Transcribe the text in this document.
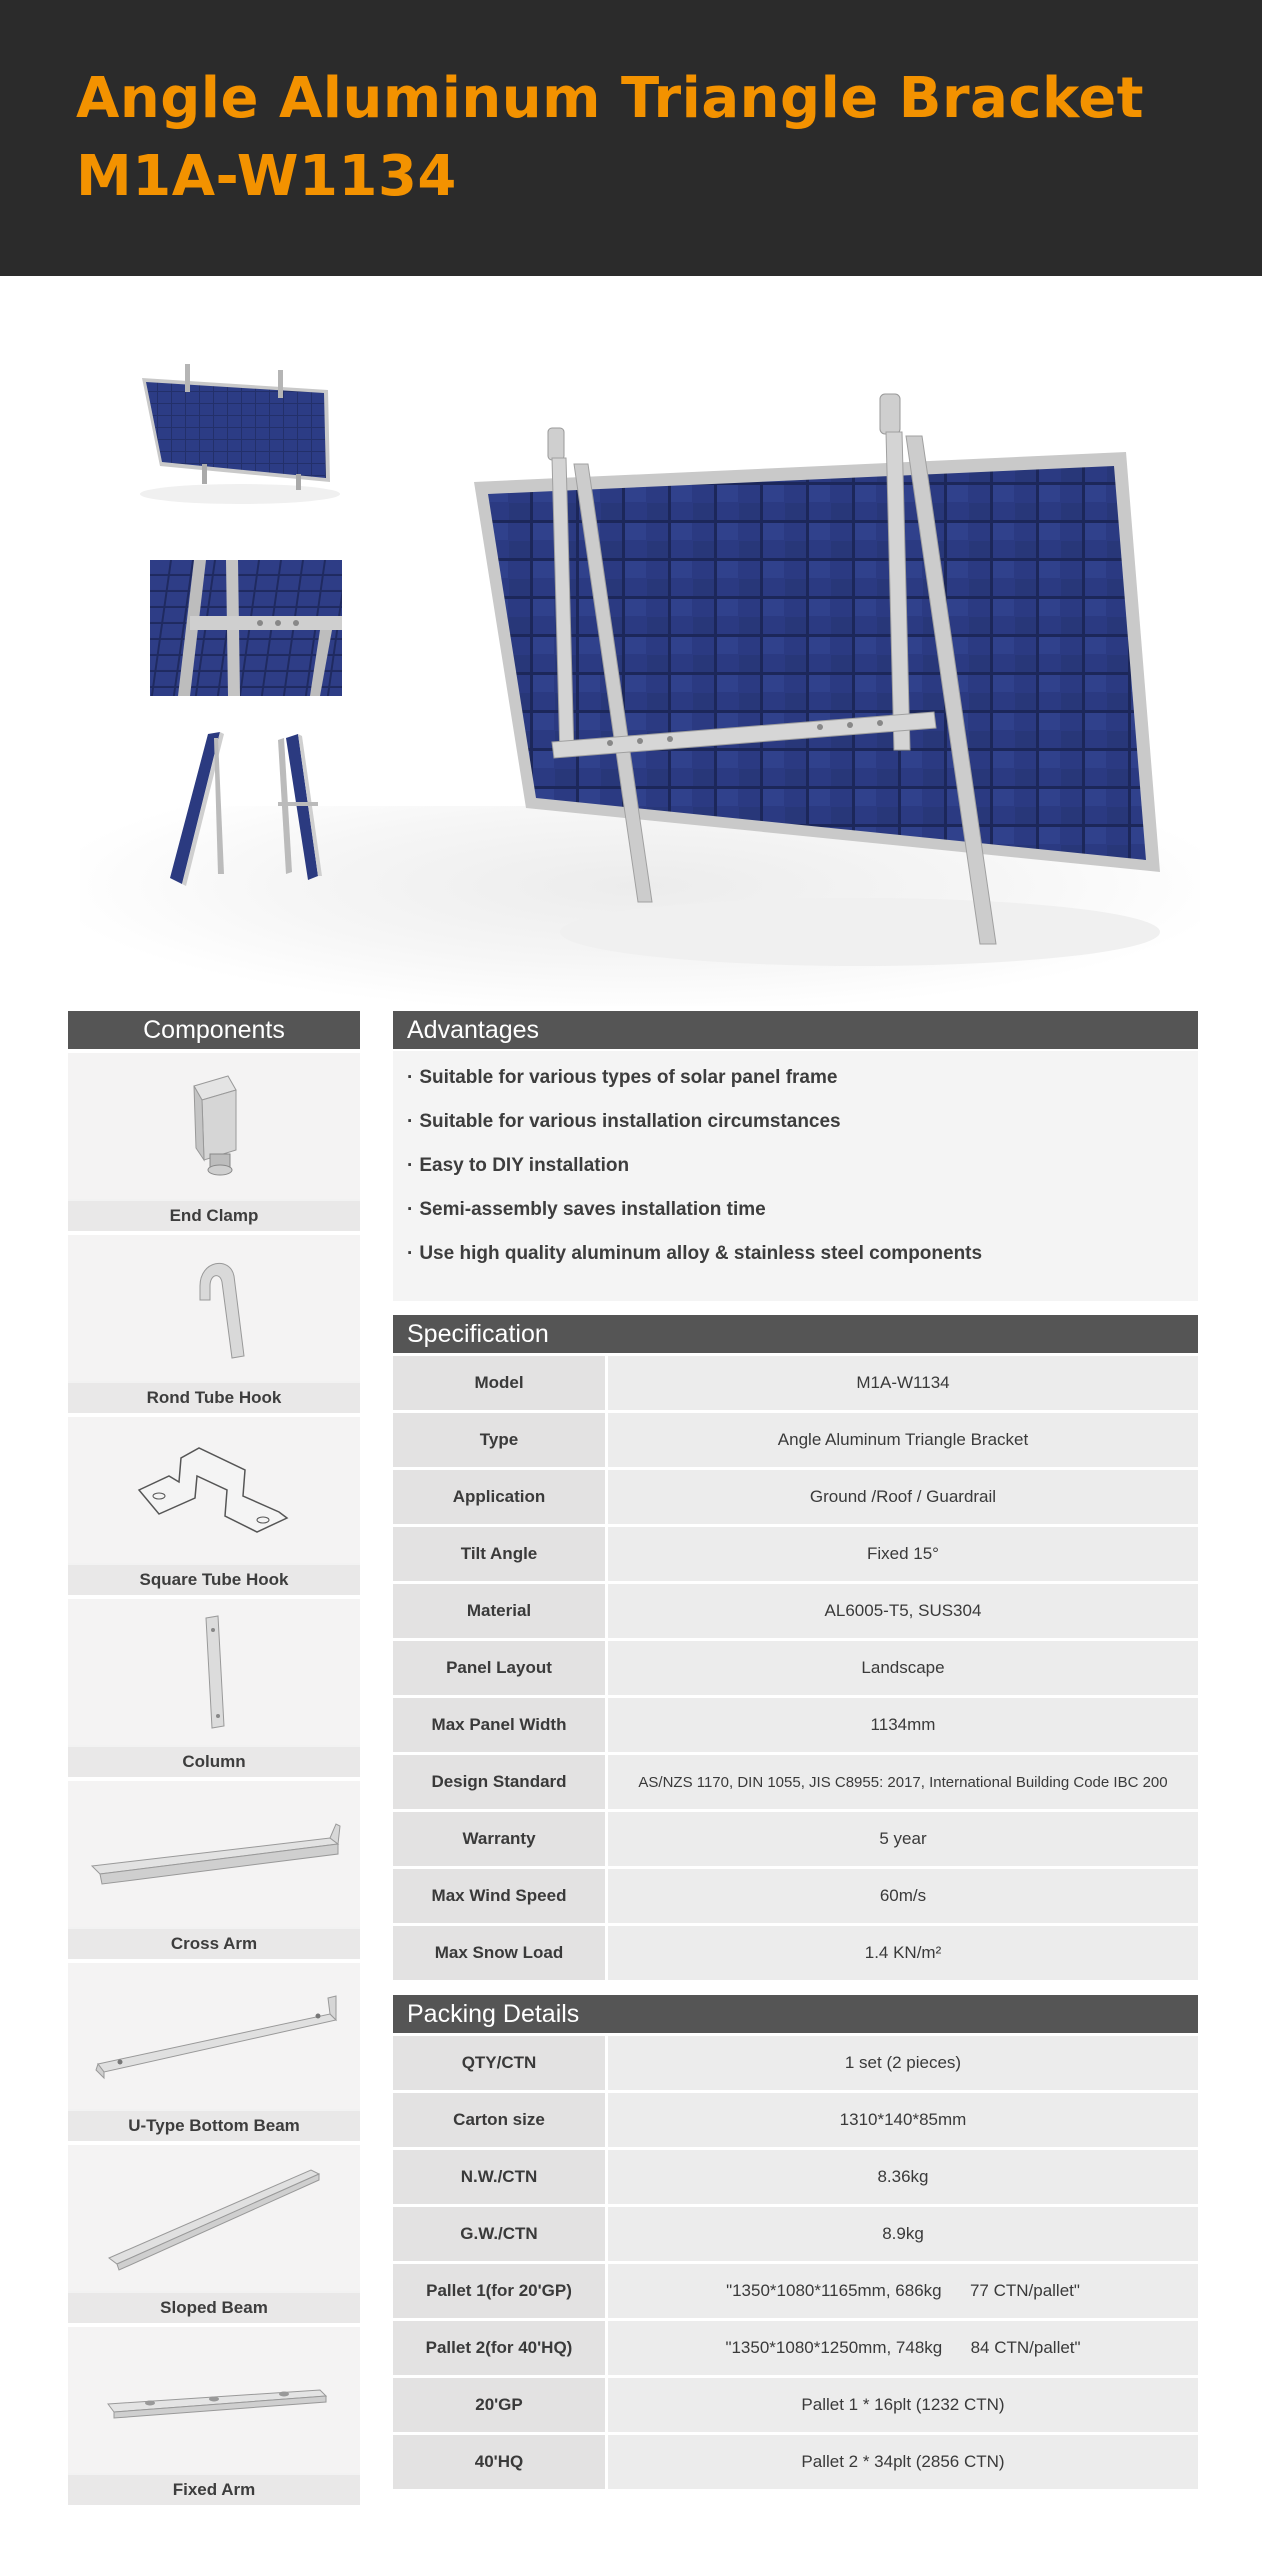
Angle Aluminum Triangle Bracket
M1A-W1134
Components
End Clamp
Rond Tube Hook
Square Tube Hook
Column
Cross Arm
U-Type Bottom Beam
Sloped Beam
Fixed Arm
Advantages
· Suitable for various types of solar panel frame
· Suitable for various installation circumstances
· Easy to DIY installation
· Semi-assembly saves installation time
· Use high quality aluminum alloy & stainless steel components
Specification
Model	M1A-W1134
Type	Angle Aluminum Triangle Bracket
Application	Ground /Roof / Guardrail
Tilt Angle	Fixed 15°
Material	AL6005-T5, SUS304
Panel Layout	Landscape
Max Panel Width	1134mm
Design Standard	AS/NZS 1170, DIN 1055, JIS C8955: 2017, International Building Code IBC 200
Warranty	5 year
Max Wind Speed	60m/s
Max Snow Load	1.4 KN/m²
Packing Details
QTY/CTN	1 set (2 pieces)
Carton size	1310*140*85mm
N.W./CTN	8.36kg
G.W./CTN	8.9kg
Pallet 1(for 20'GP)	"1350*1080*1165mm, 686kg      77 CTN/pallet"
Pallet 2(for 40'HQ)	"1350*1080*1250mm, 748kg      84 CTN/pallet"
20'GP	Pallet 1 * 16plt (1232 CTN)
40'HQ	Pallet 2 * 34plt (2856 CTN)
